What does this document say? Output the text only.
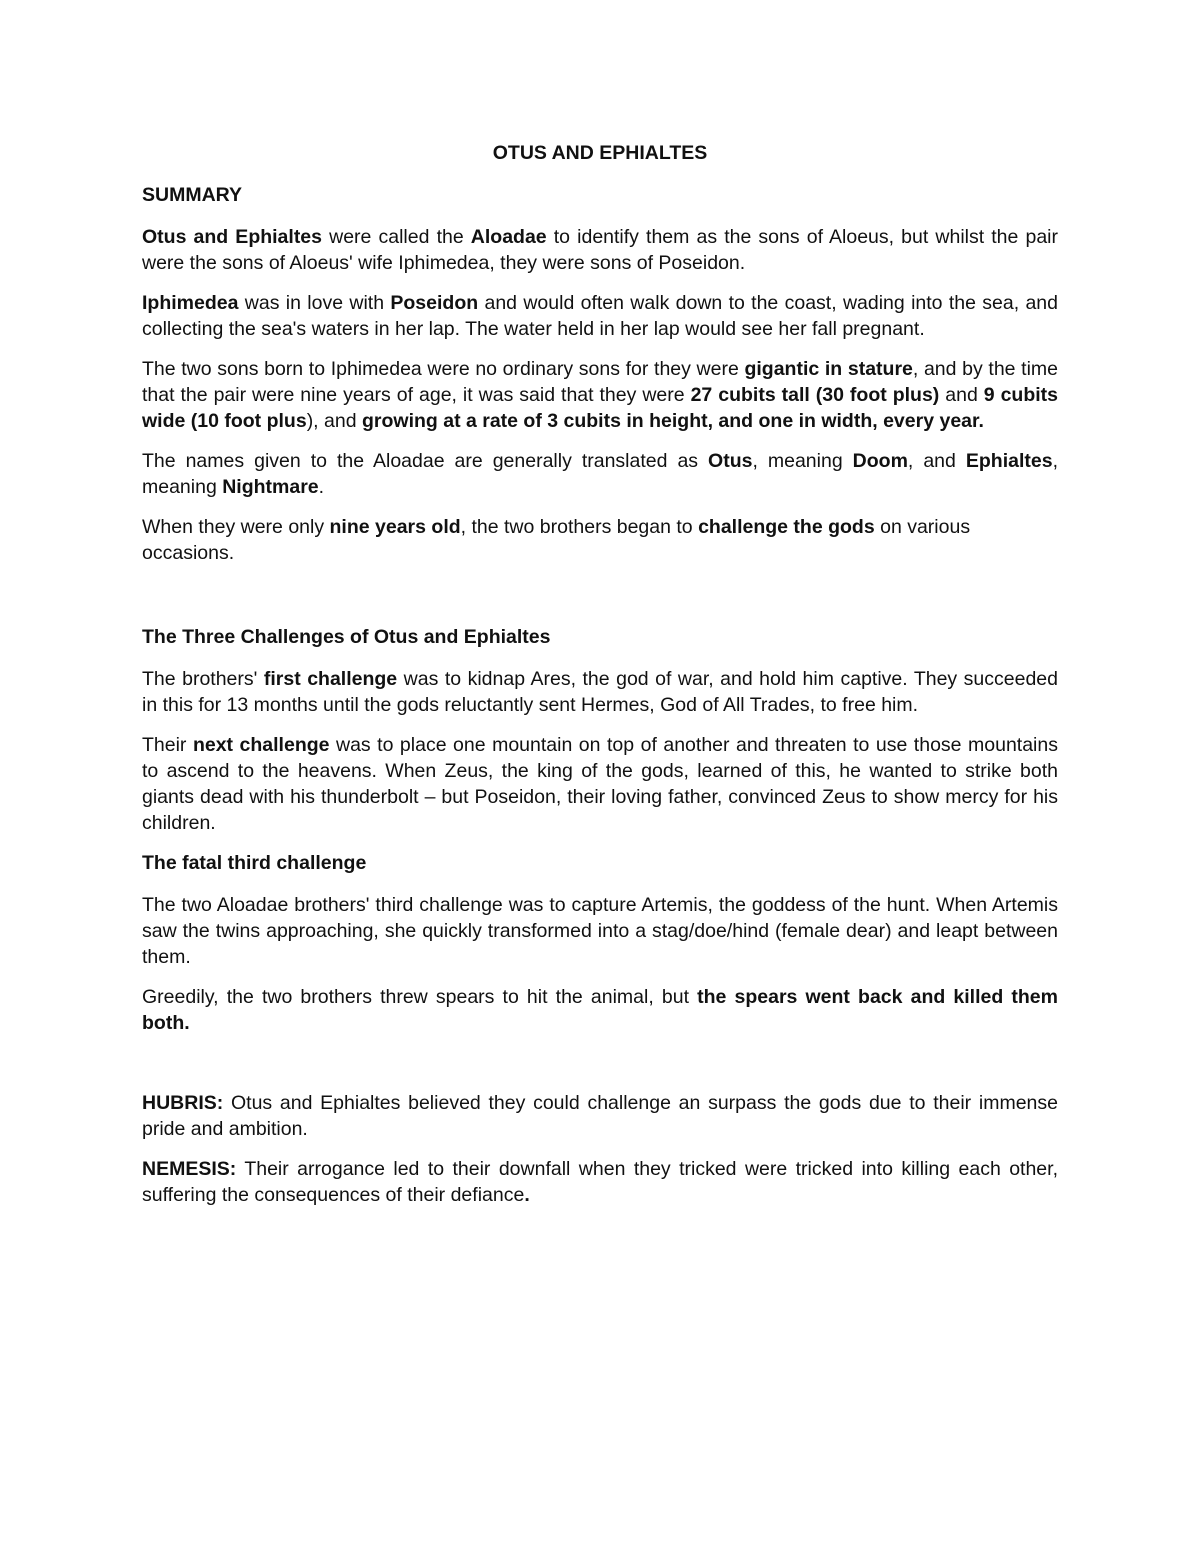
OTUS AND EPHIALTES
SUMMARY

Otus and Ephialtes were called the Aloadae to identify them as the sons of Aloeus, but whilst the pair were the sons of Aloeus' wife Iphimedea, they were sons of Poseidon.

Iphimedea was in love with Poseidon and would often walk down to the coast, wading into the sea, and collecting the sea's waters in her lap. The water held in her lap would see her fall pregnant.

The two sons born to Iphimedea were no ordinary sons for they were gigantic in stature, and by the time that the pair were nine years of age, it was said that they were 27 cubits tall (30 foot plus) and 9 cubits wide (10 foot plus), and growing at a rate of 3 cubits in height, and one in width, every year.

The names given to the Aloadae are generally translated as Otus, meaning Doom, and Ephialtes, meaning Nightmare.

When they were only nine years old, the two brothers began to challenge the gods on various occasions.

The Three Challenges of Otus and Ephialtes

The brothers' first challenge was to kidnap Ares, the god of war, and hold him captive. They succeeded in this for 13 months until the gods reluctantly sent Hermes, God of All Trades, to free him.

Their next challenge was to place one mountain on top of another and threaten to use those mountains to ascend to the heavens. When Zeus, the king of the gods, learned of this, he wanted to strike both giants dead with his thunderbolt – but Poseidon, their loving father, convinced Zeus to show mercy for his children.

The fatal third challenge

The two Aloadae brothers' third challenge was to capture Artemis, the goddess of the hunt. When Artemis saw the twins approaching, she quickly transformed into a stag/doe/hind (female dear) and leapt between them.

Greedily, the two brothers threw spears to hit the animal, but the spears went back and killed them both.

HUBRIS: Otus and Ephialtes believed they could challenge an surpass the gods due to their immense pride and ambition.

NEMESIS: Their arrogance led to their downfall when they tricked were tricked into killing each other, suffering the consequences of their defiance.
